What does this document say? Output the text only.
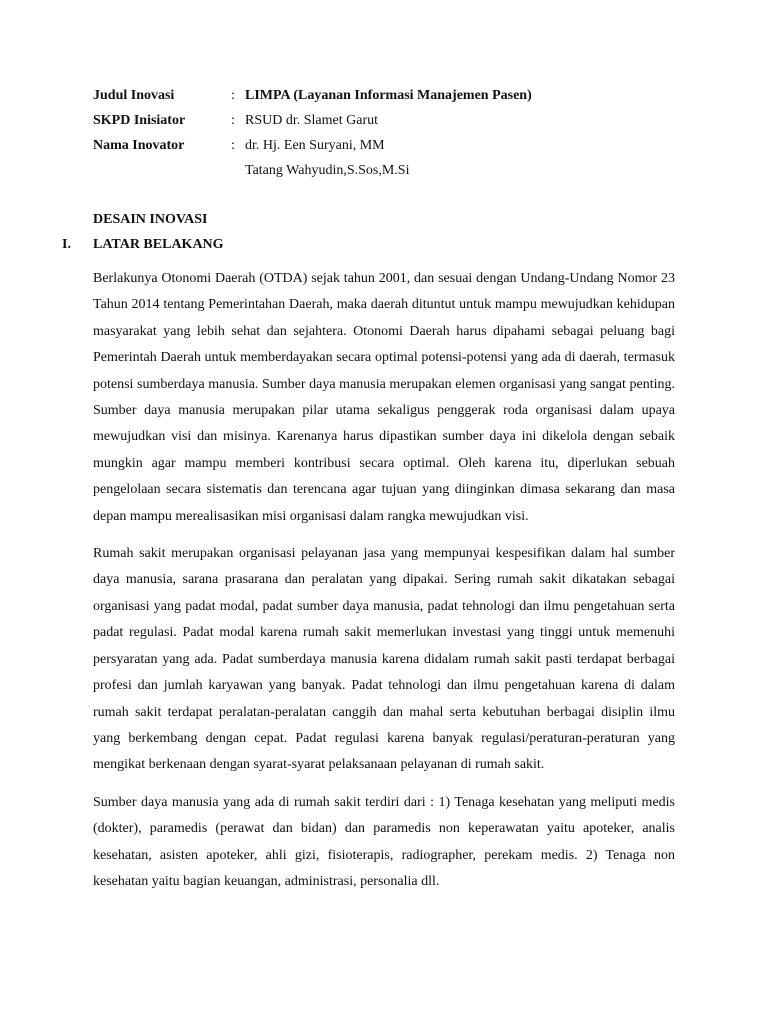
Judul Inovasi	: LIMPA (Layanan Informasi Manajemen Pasen)
SKPD Inisiator	: RSUD dr. Slamet Garut
Nama Inovator	: dr. Hj. Een Suryani, MM
Tatang Wahyudin,S.Sos,M.Si
DESAIN INOVASI
I.	LATAR BELAKANG

Berlakunya Otonomi Daerah (OTDA) sejak tahun 2001, dan sesuai dengan Undang-Undang Nomor 23 Tahun 2014 tentang Pemerintahan Daerah, maka daerah dituntut untuk mampu mewujudkan kehidupan masyarakat yang lebih sehat dan sejahtera. Otonomi Daerah harus dipahami sebagai peluang bagi Pemerintah Daerah untuk memberdayakan secara optimal potensi-potensi yang ada di daerah, termasuk potensi sumberdaya manusia. Sumber daya manusia merupakan elemen organisasi yang sangat penting. Sumber daya manusia merupakan pilar utama sekaligus penggerak roda organisasi dalam upaya mewujudkan visi dan misinya. Karenanya harus dipastikan sumber daya ini dikelola dengan sebaik mungkin agar mampu memberi kontribusi secara optimal. Oleh karena itu, diperlukan sebuah pengelolaan secara sistematis dan terencana agar tujuan yang diinginkan dimasa sekarang dan masa depan mampu merealisasikan misi organisasi dalam rangka mewujudkan visi.

Rumah sakit merupakan organisasi pelayanan jasa yang mempunyai kespesifikan dalam hal sumber daya manusia, sarana prasarana dan peralatan yang dipakai. Sering rumah sakit dikatakan sebagai organisasi yang padat modal, padat sumber daya manusia, padat tehnologi dan ilmu pengetahuan serta padat regulasi. Padat modal karena rumah sakit memerlukan investasi yang tinggi untuk memenuhi persyaratan yang ada. Padat sumberdaya manusia karena didalam rumah sakit pasti terdapat berbagai profesi dan jumlah karyawan yang banyak. Padat tehnologi dan ilmu pengetahuan karena di dalam rumah sakit terdapat peralatan-peralatan canggih dan mahal serta kebutuhan berbagai disiplin ilmu yang berkembang dengan cepat. Padat regulasi karena banyak regulasi/peraturan-peraturan yang mengikat berkenaan dengan syarat-syarat pelaksanaan pelayanan di rumah sakit.

Sumber daya manusia yang ada di rumah sakit terdiri dari : 1) Tenaga kesehatan yang meliputi medis (dokter), paramedis (perawat dan bidan) dan paramedis non keperawatan yaitu apoteker, analis kesehatan, asisten apoteker, ahli gizi, fisioterapis, radiographer, perekam medis. 2) Tenaga non kesehatan yaitu bagian keuangan, administrasi, personalia dll.
